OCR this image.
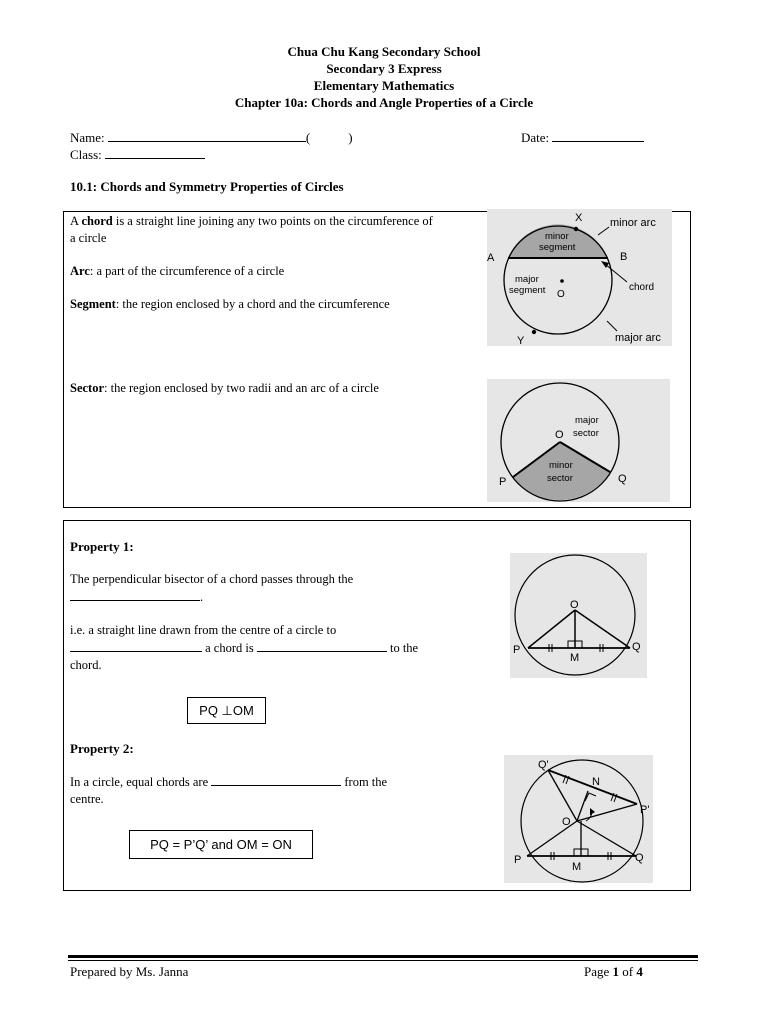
Chua Chu Kang Secondary School
Secondary 3 Express
Elementary Mathematics
Chapter 10a: Chords and Angle Properties of a Circle
Name:	(	)	Date:
Class:
10.1: Chords and Symmetry Properties of Circles
A chord is a straight line joining any two points on the circumference of a circle
Arc: a part of the circumference of a circle
Segment: the region enclosed by a chord and the circumference
Sector: the region enclosed by two radii and an arc of a circle
X
A	B
Y
O
minor arc
major arc
chord
minor
segment
major
segment
O
P	Q
major
sector
minor
sector
Property 1:
The perpendicular bisector of a chord passes through the
.
i.e. a straight line drawn from the centre of a circle to
a chord is	to the
chord.
PQ ⊥OM
O
P	Q
M
Property 2:
In a circle, equal chords are	from the
centre.
PQ = P’Q’ and OM = ON
Q'
N
P'
O
P	Q
M
Prepared by Ms. Janna	Page 1 of 4
